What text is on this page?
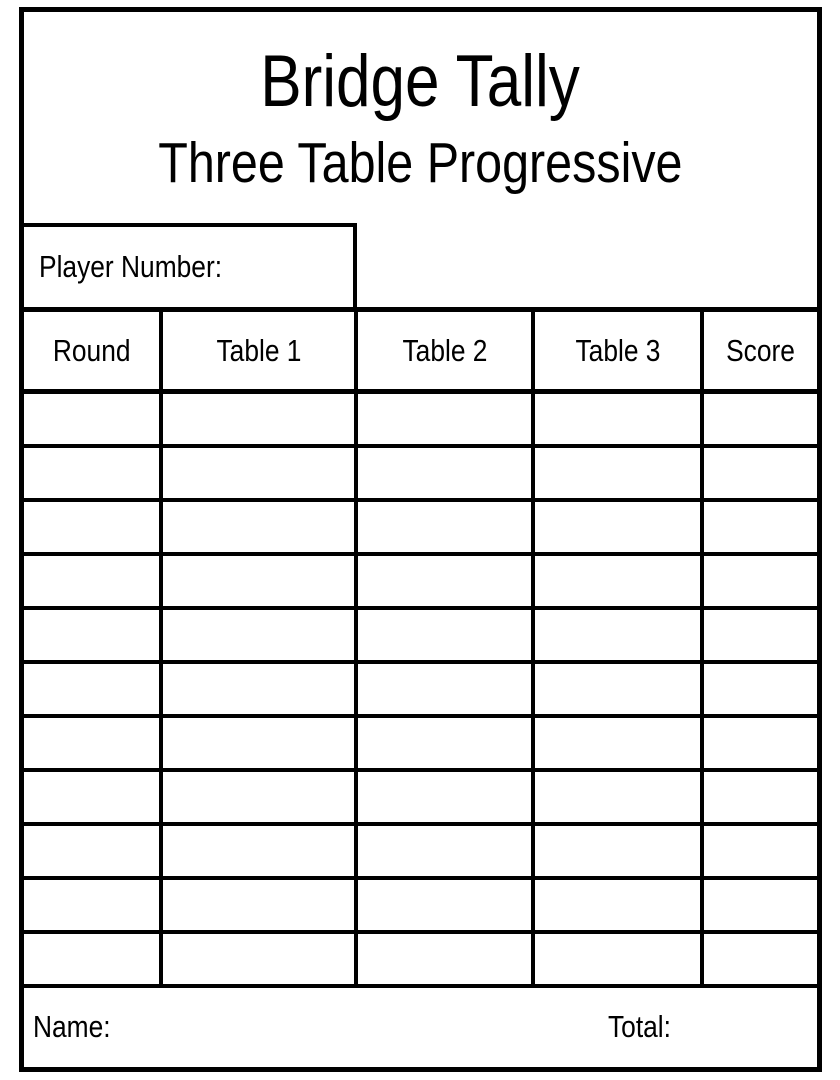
Bridge Tally
Three Table Progressive
Player Number:
Round	Table 1	Table 2	Table 3	Score

Name:	Total:
